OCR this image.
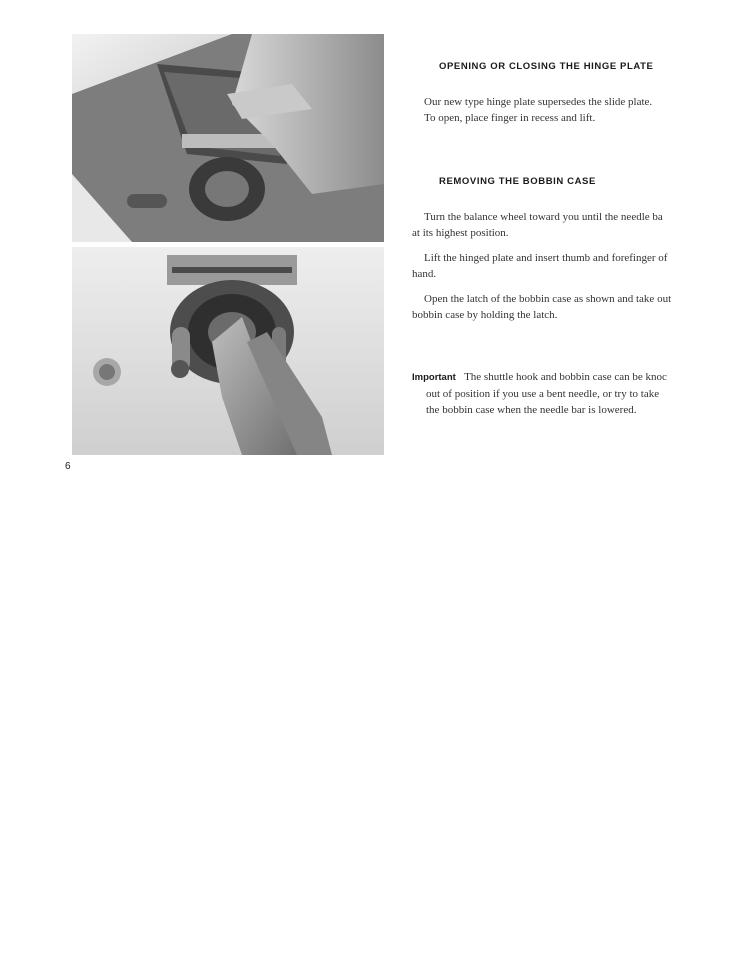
OPENING OR CLOSING THE HINGE PLATE

Our new type hinge plate supersedes the slide plate.
To open, place finger in recess and lift.

REMOVING THE BOBBIN CASE

Turn the balance wheel toward you until the needle ba
at its highest position.

Lift the hinged plate and insert thumb and forefinger of
hand.

Open the latch of the bobbin case as shown and take out
bobbin case by holding the latch.

Important The shuttle hook and bobbin case can be knoc
out of position if you use a bent needle, or try to take
the bobbin case when the needle bar is lowered.
6
